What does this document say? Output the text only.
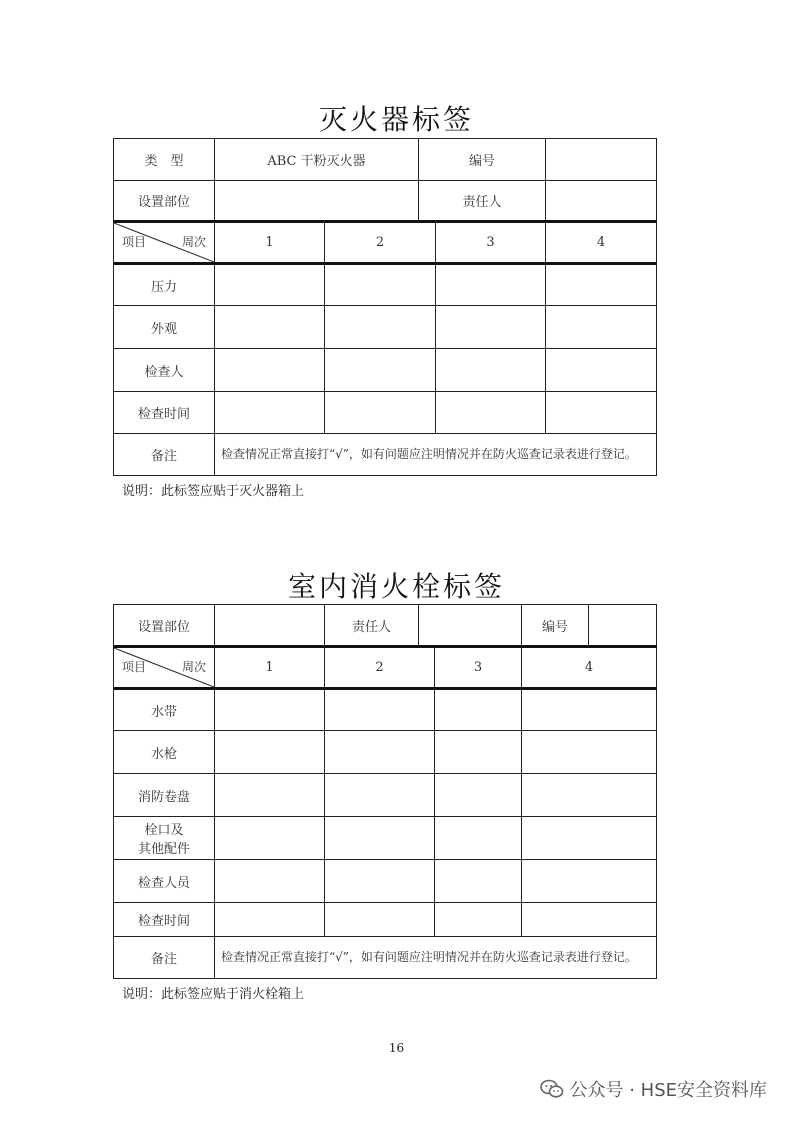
灭火器标签
类　型	ABC 干粉灭火器		编号		
设置部位			责任人		

项目 周次	1	2		3	4
压力					
外观					
检查人					
检查时间					
备注	检查情况正常直接打“√”，如有问题应注明情况并在防火巡查记录表进行登记。				
说明：此标签应贴于灭火器箱上
室内消火栓标签
设置部位		责任人			编号	

项目 周次	1	2		3	4	
水带						
水枪						
消防卷盘						

栓口及
其他配件						

检查人员						
检查时间						
备注	检查情况正常直接打“√”，如有问题应注明情况并在防火巡查记录表进行登记。					
说明：此标签应贴于消火栓箱上
16
公众号 · HSE安全资料库
